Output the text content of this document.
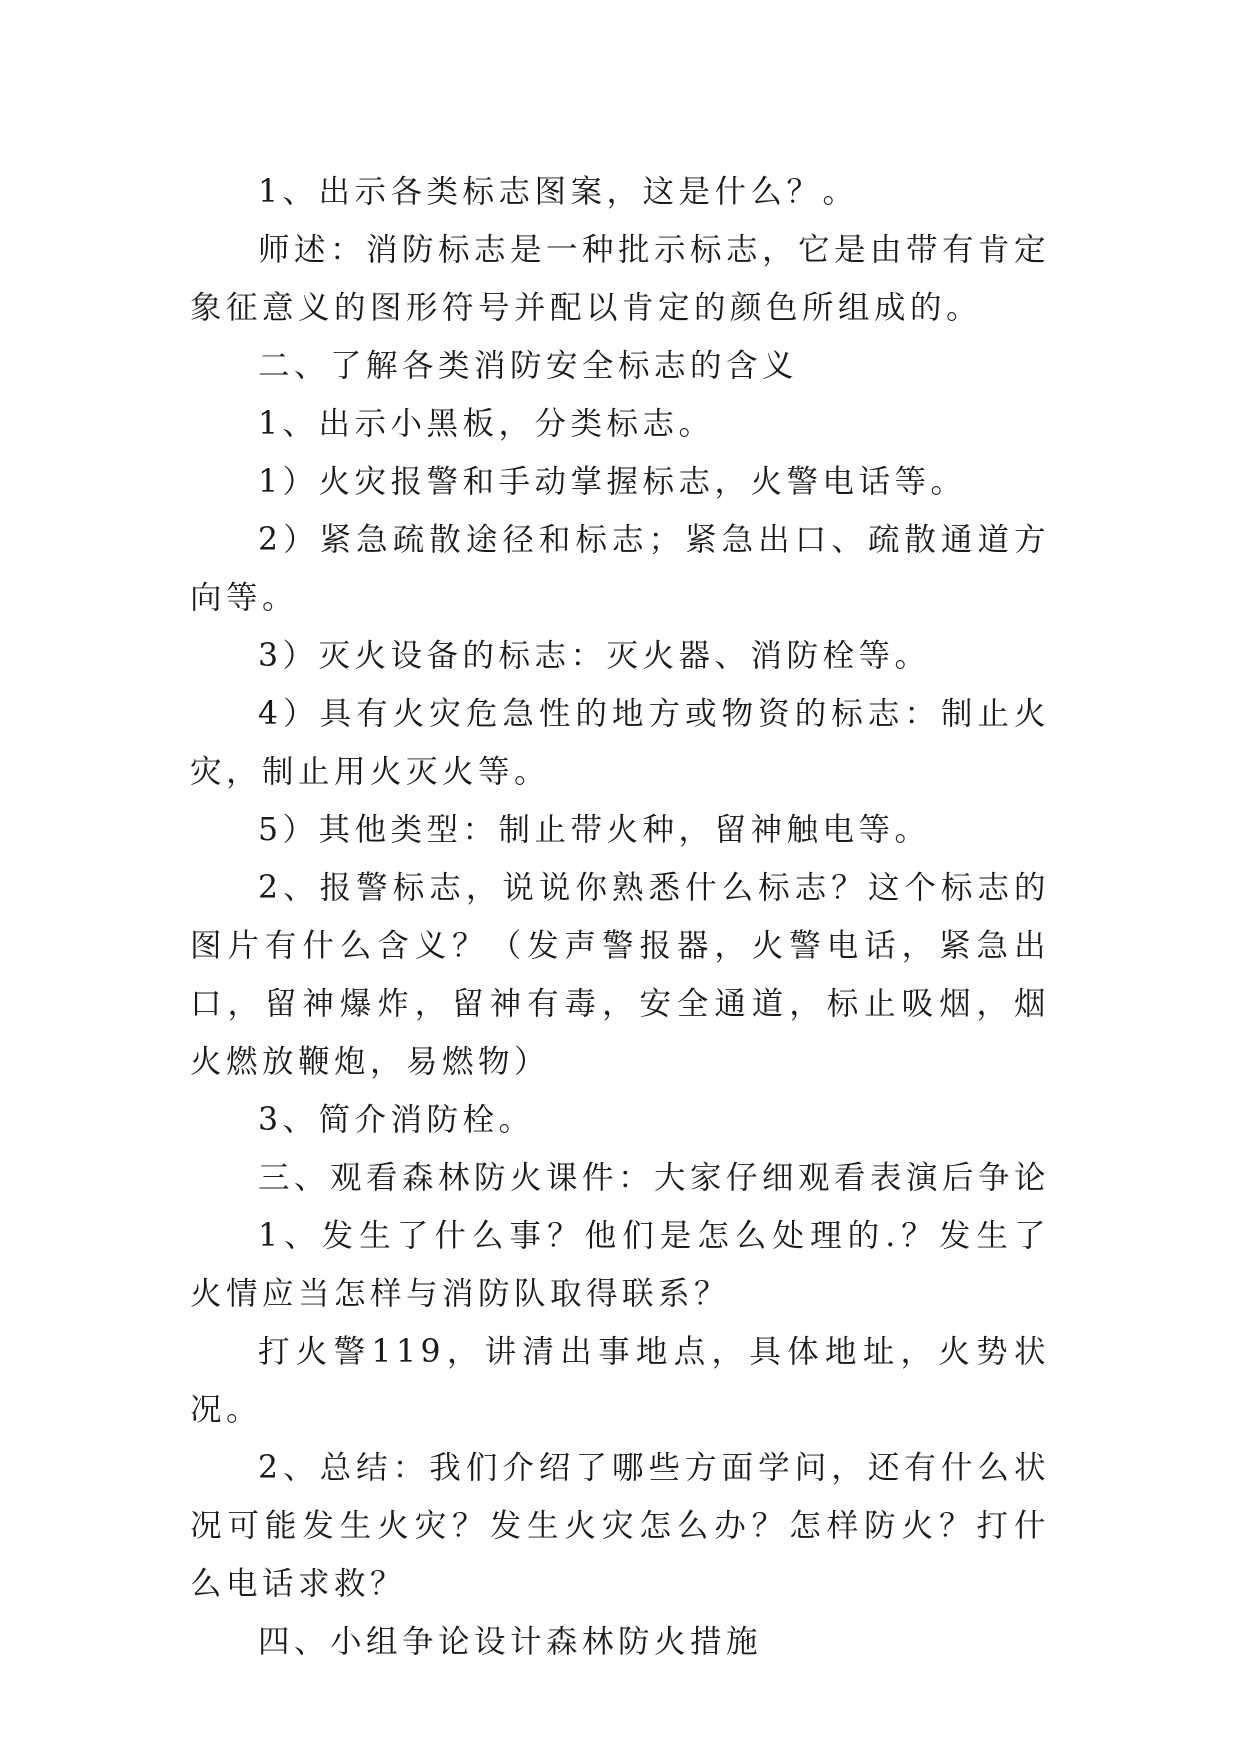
1、出示各类标志图案，这是什么？。

师述：消防标志是一种批示标志，它是由带有肯定象征意义的图形符号并配以肯定的颜色所组成的。

二、了解各类消防安全标志的含义

1、出示小黑板，分类标志。

1）火灾报警和手动掌握标志，火警电话等。

2）紧急疏散途径和标志；紧急出口、疏散通道方向等。

3）灭火设备的标志：灭火器、消防栓等。

4）具有火灾危急性的地方或物资的标志：制止火灾，制止用火灭火等。

5）其他类型：制止带火种，留神触电等。

2、报警标志，说说你熟悉什么标志？这个标志的图片有什么含义？（发声警报器，火警电话，紧急出口，留神爆炸，留神有毒，安全通道，标止吸烟，烟火燃放鞭炮，易燃物）

3、简介消防栓。

三、观看森林防火课件：大家仔细观看表演后争论

1、发生了什么事？他们是怎么处理的.？发生了火情应当怎样与消防队取得联系？

打火警119，讲清出事地点，具体地址，火势状况。

2、总结：我们介绍了哪些方面学问，还有什么状况可能发生火灾？发生火灾怎么办？怎样防火？打什么电话求救？

四、小组争论设计森林防火措施
